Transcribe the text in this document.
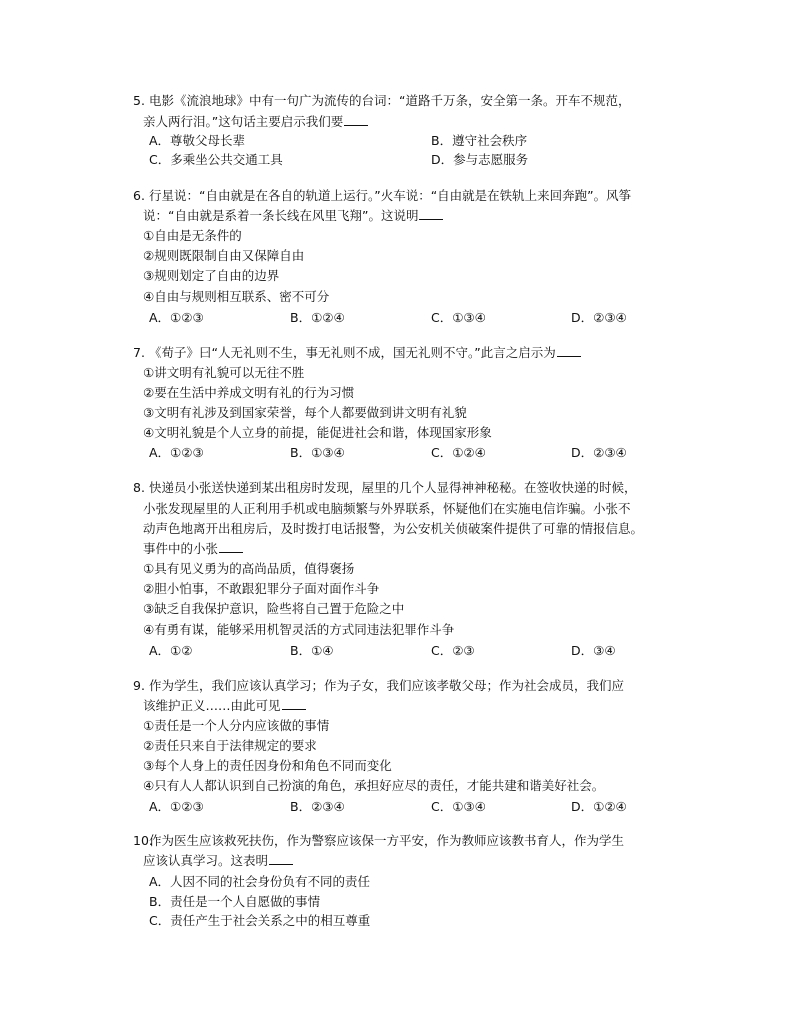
5. 电影《流浪地球》中有一句广为流传的台词：“道路千万条，安全第一条。开车不规范，
亲人两行泪。”这句话主要启示我们要
A．尊敬父母长辈	B．遵守社会秩序
C．多乘坐公共交通工具	D．参与志愿服务
6. 行星说：“自由就是在各自的轨道上运行。”火车说：“自由就是在铁轨上来回奔跑”。风筝
说：“自由就是系着一条长线在风里飞翔”。这说明
①自由是无条件的
②规则既限制自由又保障自由
③规则划定了自由的边界
④自由与规则相互联系、密不可分
A．①②③	B．①②④	C．①③④	D．②③④
7. 《荀子》曰“人无礼则不生，事无礼则不成，国无礼则不守。”此言之启示为
①讲文明有礼貌可以无往不胜
②要在生活中养成文明有礼的行为习惯
③文明有礼涉及到国家荣誉，每个人都要做到讲文明有礼貌
④文明礼貌是个人立身的前提，能促进社会和谐，体现国家形象
A．①②③	B．①③④	C．①②④	D．②③④
8. 快递员小张送快递到某出租房时发现，屋里的几个人显得神神秘秘。在签收快递的时候，
小张发现屋里的人正利用手机或电脑频繁与外界联系，怀疑他们在实施电信诈骗。小张不
动声色地离开出租房后，及时拨打电话报警，为公安机关侦破案件提供了可靠的情报信息。
事件中的小张
①具有见义勇为的高尚品质，值得褒扬
②胆小怕事，不敢跟犯罪分子面对面作斗争
③缺乏自我保护意识，险些将自己置于危险之中
④有勇有谋，能够采用机智灵活的方式同违法犯罪作斗争
A．①②	B．①④	C．②③	D．③④
9. 作为学生，我们应该认真学习；作为子女，我们应该孝敬父母；作为社会成员，我们应
该维护正义……由此可见
①责任是一个人分内应该做的事情
②责任只来自于法律规定的要求
③每个人身上的责任因身份和角色不同而变化
④只有人人都认识到自己扮演的角色，承担好应尽的责任，才能共建和谐美好社会。
A．①②③	B．②③④	C．①③④	D．①②④
10.
作为医生应该救死扶伤，作为警察应该保一方平安，作为教师应该教书育人，作为学生
应该认真学习。这表明
A．人因不同的社会身份负有不同的责任
B．责任是一个人自愿做的事情
C．责任产生于社会关系之中的相互尊重
